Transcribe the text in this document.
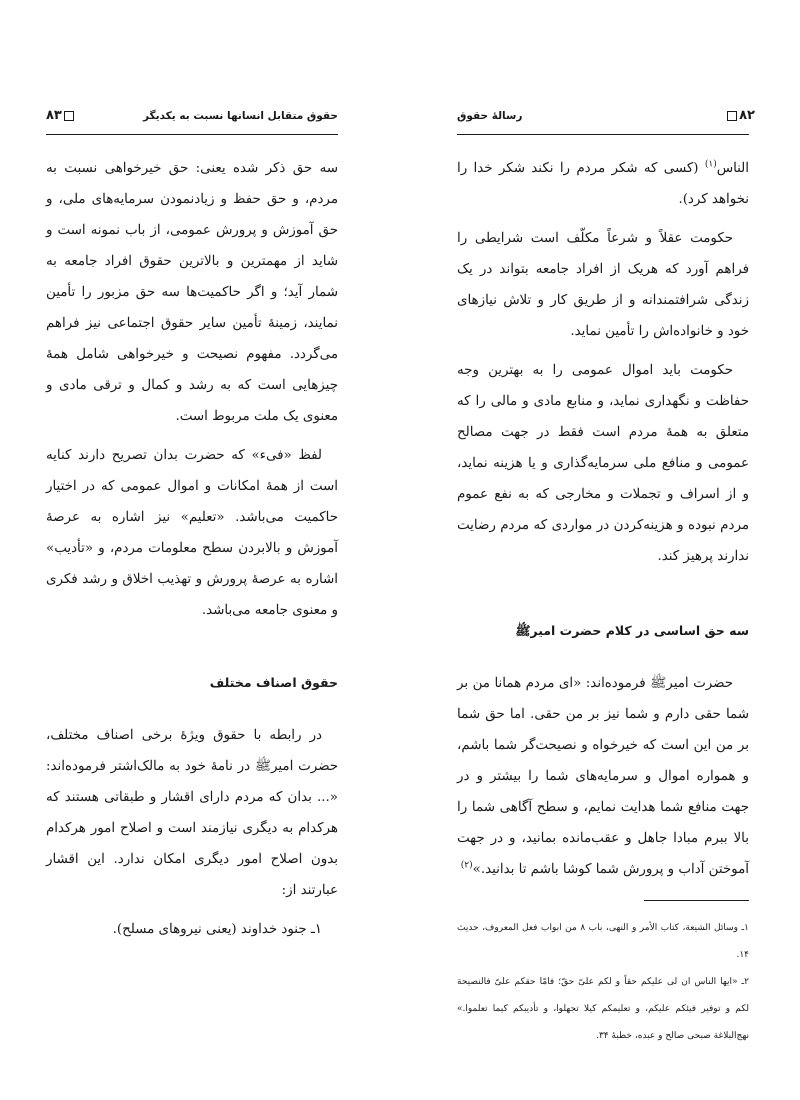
۸۳	حقوق متقابل انسانها نسبت به یکدیگر

سه حق ذکر شده یعنی: حق خیرخواهی نسبت به مردم، و حق حفظ و زیادنمودن سرمایه‌های ملی، و حق آموزش و پرورش عمومی، از باب نمونه است و شاید از مهمترین و بالاترین حقوق افراد جامعه به شمار آید؛ و اگر حاکمیت‌ها سه حق مزبور را تأمین نمایند، زمینهٔ تأمین سایر حقوق اجتماعی نیز فراهم می‌گردد. مفهوم نصیحت و خیرخواهی شامل همهٔ چیزهایی است که به رشد و کمال و ترقی مادی و معنوی یک ملت مربوط است.

لفظ «فیء» که حضرت بدان تصریح دارند کنایه است از همهٔ امکانات و اموال عمومی که در اختیار حاکمیت می‌باشد. «تعلیم» نیز اشاره به عرصهٔ آموزش و بالابردن سطح معلومات مردم، و «تأدیب» اشاره به عرصهٔ پرورش و تهذیب اخلاق و رشد فکری و معنوی جامعه می‌باشد.

حقوق اصناف مختلف

در رابطه با حقوق ویژهٔ برخی اصناف مختلف، حضرت امیر‌ﷺ در نامهٔ خود به مالک‌اشتر فرموده‌اند: «... بدان که مردم دارای اقشار و طبقاتی هستند که هرکدام به دیگری نیازمند است و اصلاح امور هرکدام بدون اصلاح امور دیگری امکان ندارد. این اقشار عبارتند از:

۱ـ جنود خداوند (یعنی نیروهای مسلح).

۸۲
رسالهٔ حقوق

الناس$^{(۱)}$ (کسی که شکر مردم را نکند شکر خدا را نخواهد کرد).

حکومت عقلاً و شرعاً مکلّف است شرایطی را فراهم آورد که هریک از افراد جامعه بتواند در یک زندگی شرافتمندانه و از طریق کار و تلاش نیازهای خود و خانواده‌اش را تأمین نماید.

حکومت باید اموال عمومی را به بهترین وجه حفاظت و نگهداری نماید، و منابع مادی و مالی را که متعلق به همهٔ مردم است فقط در جهت مصالح عمومی و منافع ملی سرمایه‌گذاری و یا هزینه نماید، و از اسراف و تجملات و مخارجی که به نفع عموم مردم نبوده و هزینه‌کردن در مواردی که مردم رضایت ندارند پرهیز کند.

سه حق اساسی در کلام حضرت امیر‌ﷺ

حضرت امیر‌ﷺ فرموده‌اند: «ای مردم همانا من بر شما حقی دارم و شما نیز بر من حقی. اما حق شما بر من این است که خیرخواه و نصیحت‌گر شما باشم، و همواره اموال و سرمایه‌های شما را بیشتر و در جهت منافع شما هدایت نمایم، و سطح آگاهی شما را بالا ببرم مبادا جاهل و عقب‌مانده بمانید، و در جهت آموختن آداب و پرورش شما کوشا باشم تا بدانید.»$^{(۲)}$

۱ـ وسائل الشیعة، کتاب الأمر و النهی، باب ۸ من ابواب فعل المعروف، حدیث ۱۴.

۲ـ «ایها الناس ان لی علیکم حقاً و لکم علیّ حقّ؛ فامّا حقکم علیّ فالنصیحة لکم و توفیر فیئکم علیکم، و تعلیمکم کیلا تجهلوا، و تأدیبکم کیما تعلموا.» نهج‌البلاغة صبحی صالح و عبده، خطبهٔ ۳۴.
